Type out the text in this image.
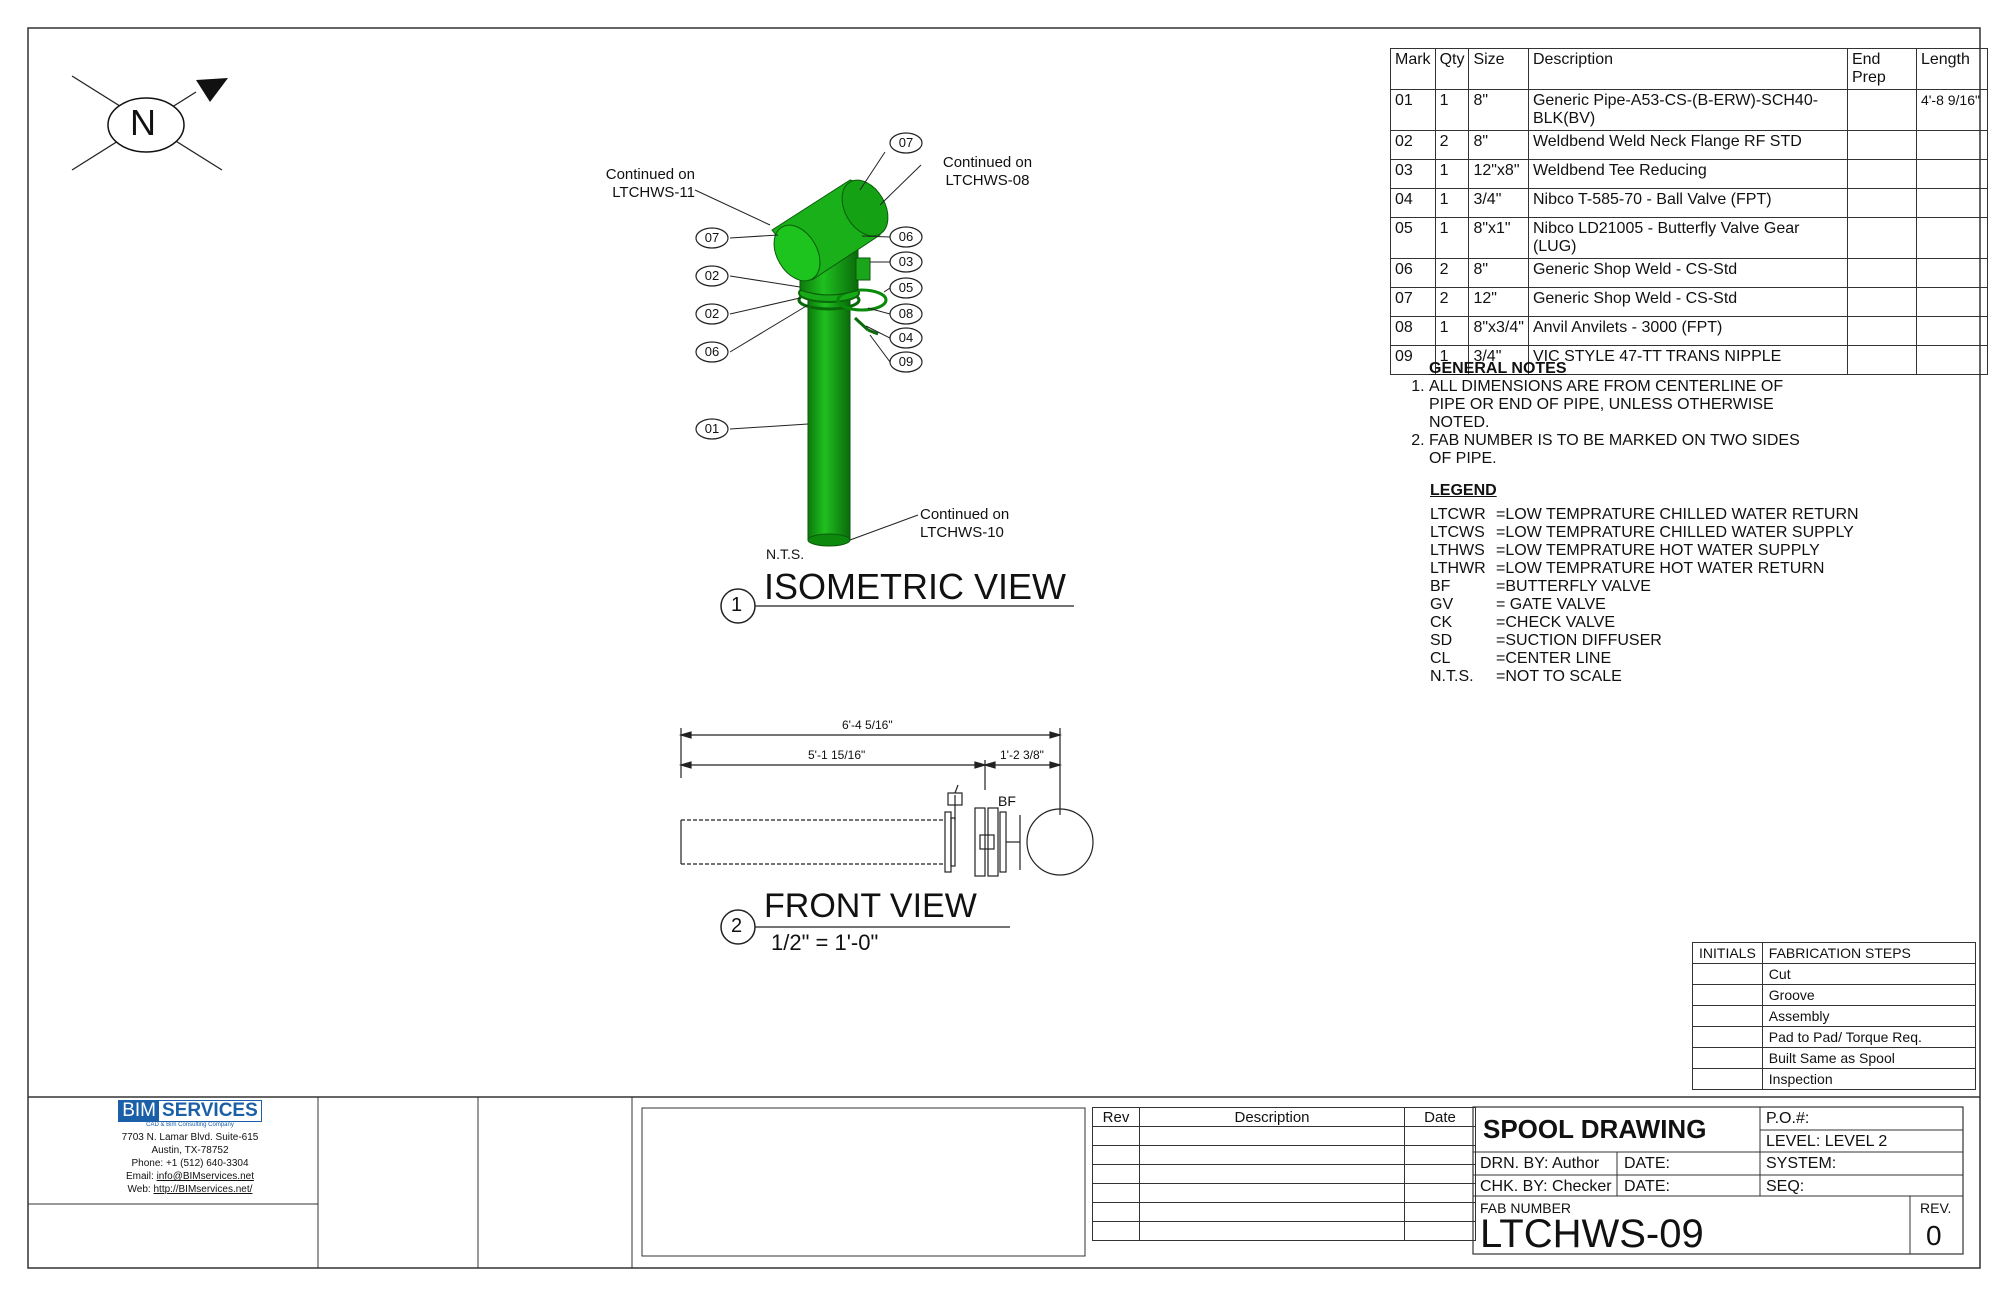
N
Continued on
LTCHWS-11
Continued on
LTCHWS-08
Continued on
LTCHWS-10
N.T.S.
ISOMETRIC VIEW
1
07
07
02
02
06
01
06
03
05
08
04
09
6'-4 5/16"
5'-1 15/16"	1'-2 3/8"
BF
FRONT VIEW
1/2" = 1'-0"
2
Mark	Qty	Size	Description	End Prep	Length
01	1	8"	Generic Pipe-A53-CS-(B-ERW)-SCH40-BLK(BV)		4'-8 9/16"
02	2	8"	Weldbend Weld Neck Flange RF STD		
03	1	12"x8"	Weldbend Tee Reducing		
04	1	3/4"	Nibco T-585-70 - Ball Valve (FPT)		
05	1	8"x1"	Nibco LD21005 - Butterfly Valve Gear (LUG)		
06	2	8"	Generic Shop Weld - CS-Std		
07	2	12"	Generic Shop Weld - CS-Std		
08	1	8"x3/4"	Anvil Anvilets - 3000 (FPT)		
09	1	3/4"	VIC STYLE 47-TT TRANS NIPPLE		
GENERAL NOTES
1. ALL DIMENSIONS ARE FROM CENTERLINE OF PIPE OR END OF PIPE, UNLESS OTHERWISE NOTED.
2. FAB NUMBER IS TO BE MARKED ON TWO SIDES OF PIPE.
LEGEND
LTCWR	=LOW TEMPRATURE CHILLED WATER RETURN
LTCWS	=LOW TEMPRATURE CHILLED WATER SUPPLY
LTHWS	=LOW TEMPRATURE HOT WATER SUPPLY
LTHWR	=LOW TEMPRATURE HOT WATER RETURN
BF	=BUTTERFLY VALVE
GV	= GATE VALVE
CK	=CHECK VALVE
SD	=SUCTION DIFFUSER
CL	=CENTER LINE
N.T.S.	=NOT TO SCALE
INITIALS	FABRICATION STEPS
	Cut
	Groove
	Assembly
	Pad to Pad/ Torque Req.
	Built Same as Spool
	Inspection
BIM SERVICES
CAD & Bim Consulting Company
7703 N. Lamar Blvd. Suite-615
Austin, TX-78752
Phone: +1 (512) 640-3304
Email: info@BIMservices.net
Web: http://BIMservices.net/
Rev	Description	Date

		SPOOL DRAWING	P.O.#:
LEVEL: LEVEL 2
DRN. BY: Author DATE:	SYSTEM:
CHK. BY: Checker DATE:	SEQ:
FAB NUMBER
LTCHWS-09
REV.
0
